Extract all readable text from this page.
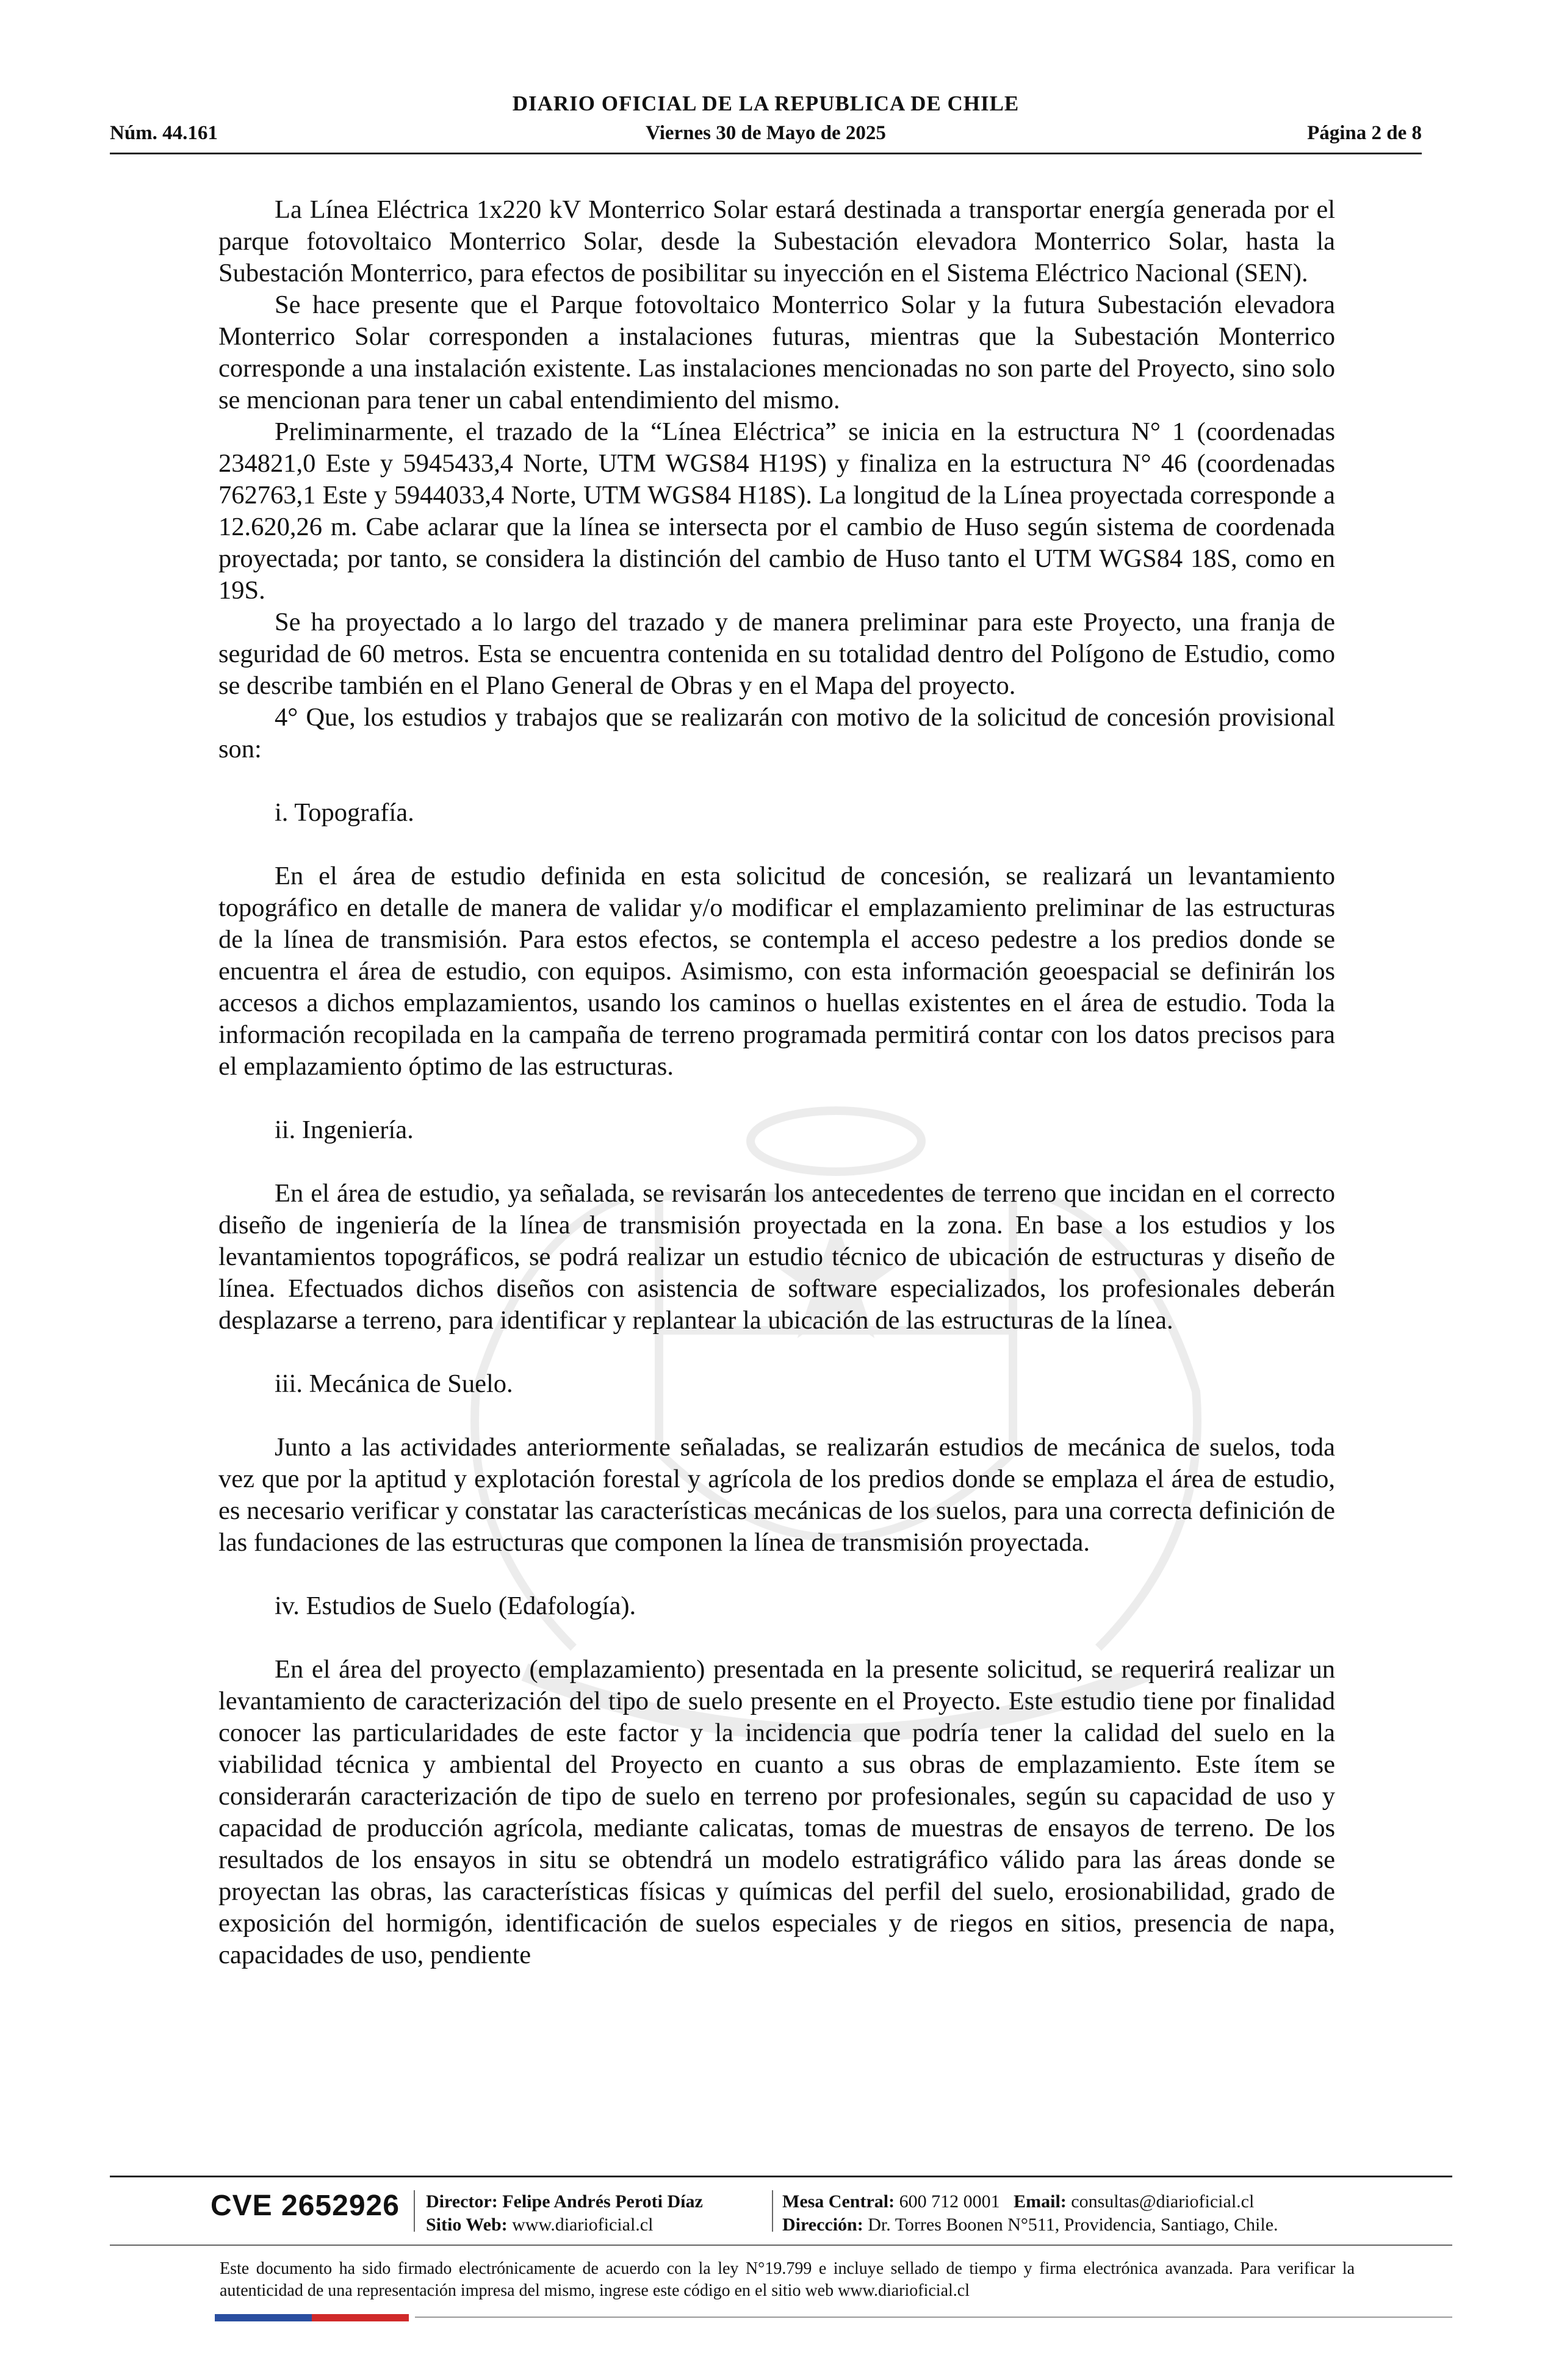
DIARIO OFICIAL DE LA REPUBLICA DE CHILE
Núm. 44.161	Viernes 30 de Mayo de 2025	Página 2 de 8

La Línea Eléctrica 1x220 kV Monterrico Solar estará destinada a transportar energía generada por el parque fotovoltaico Monterrico Solar, desde la Subestación elevadora Monterrico Solar, hasta la Subestación Monterrico, para efectos de posibilitar su inyección en el Sistema Eléctrico Nacional (SEN).

Se hace presente que el Parque fotovoltaico Monterrico Solar y la futura Subestación elevadora Monterrico Solar corresponden a instalaciones futuras, mientras que la Subestación Monterrico corresponde a una instalación existente. Las instalaciones mencionadas no son parte del Proyecto, sino solo se mencionan para tener un cabal entendimiento del mismo.

Preliminarmente, el trazado de la “Línea Eléctrica” se inicia en la estructura N° 1 (coordenadas 234821,0 Este y 5945433,4 Norte, UTM WGS84 H19S) y finaliza en la estructura N° 46 (coordenadas 762763,1 Este y 5944033,4 Norte, UTM WGS84 H18S). La longitud de la Línea proyectada corresponde a 12.620,26 m. Cabe aclarar que la línea se intersecta por el cambio de Huso según sistema de coordenada proyectada; por tanto, se considera la distinción del cambio de Huso tanto el UTM WGS84 18S, como en 19S.

Se ha proyectado a lo largo del trazado y de manera preliminar para este Proyecto, una franja de seguridad de 60 metros. Esta se encuentra contenida en su totalidad dentro del Polígono de Estudio, como se describe también en el Plano General de Obras y en el Mapa del proyecto.

4° Que, los estudios y trabajos que se realizarán con motivo de la solicitud de concesión provisional son:

i. Topografía.

En el área de estudio definida en esta solicitud de concesión, se realizará un levantamiento topográfico en detalle de manera de validar y/o modificar el emplazamiento preliminar de las estructuras de la línea de transmisión. Para estos efectos, se contempla el acceso pedestre a los predios donde se encuentra el área de estudio, con equipos. Asimismo, con esta información geoespacial se definirán los accesos a dichos emplazamientos, usando los caminos o huellas existentes en el área de estudio. Toda la información recopilada en la campaña de terreno programada permitirá contar con los datos precisos para el emplazamiento óptimo de las estructuras.

ii. Ingeniería.

En el área de estudio, ya señalada, se revisarán los antecedentes de terreno que incidan en el correcto diseño de ingeniería de la línea de transmisión proyectada en la zona. En base a los estudios y los levantamientos topográficos, se podrá realizar un estudio técnico de ubicación de estructuras y diseño de línea. Efectuados dichos diseños con asistencia de software especializados, los profesionales deberán desplazarse a terreno, para identificar y replantear la ubicación de las estructuras de la línea.

iii. Mecánica de Suelo.

Junto a las actividades anteriormente señaladas, se realizarán estudios de mecánica de suelos, toda vez que por la aptitud y explotación forestal y agrícola de los predios donde se emplaza el área de estudio, es necesario verificar y constatar las características mecánicas de los suelos, para una correcta definición de las fundaciones de las estructuras que componen la línea de transmisión proyectada.

iv. Estudios de Suelo (Edafología).

En el área del proyecto (emplazamiento) presentada en la presente solicitud, se requerirá realizar un levantamiento de caracterización del tipo de suelo presente en el Proyecto. Este estudio tiene por finalidad conocer las particularidades de este factor y la incidencia que podría tener la calidad del suelo en la viabilidad técnica y ambiental del Proyecto en cuanto a sus obras de emplazamiento. Este ítem se considerarán caracterización de tipo de suelo en terreno por profesionales, según su capacidad de uso y capacidad de producción agrícola, mediante calicatas, tomas de muestras de ensayos de terreno. De los resultados de los ensayos in situ se obtendrá un modelo estratigráfico válido para las áreas donde se proyectan las obras, las características físicas y químicas del perfil del suelo, erosionabilidad, grado de exposición del hormigón, identificación de suelos especiales y de riegos en sitios, presencia de napa, capacidades de uso, pendiente

CVE 2652926 Director: Felipe Andrés Peroti Díaz
Sitio Web: www.diarioficial.cl
Mesa Central: 600 712 0001 Email: consultas@diarioficial.cl
Dirección: Dr. Torres Boonen N°511, Providencia, Santiago, Chile.
Este documento ha sido firmado electrónicamente de acuerdo con la ley N°19.799 e incluye sellado de tiempo y firma electrónica avanzada. Para verificar la autenticidad de una representación impresa del mismo, ingrese este código en el sitio web www.diarioficial.cl
